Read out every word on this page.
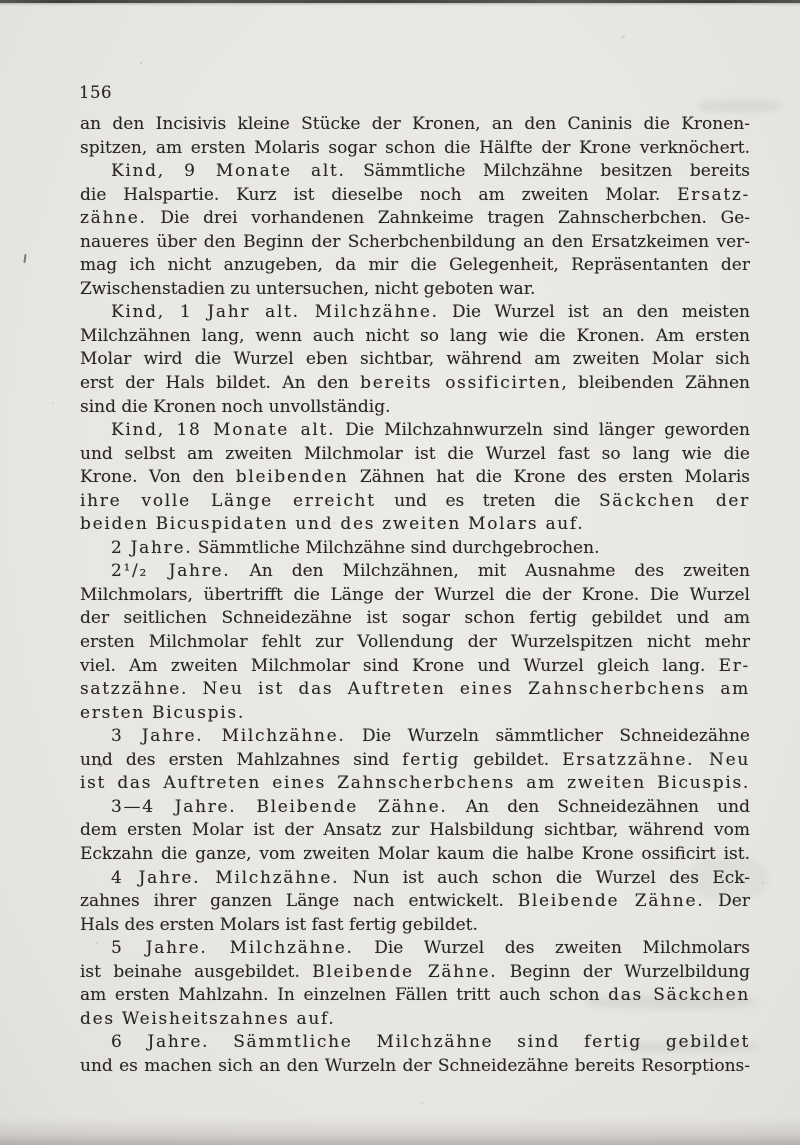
156
an den Incisivis kleine Stücke der Kronen, an den Caninis die Kronen-
spitzen, am ersten Molaris sogar schon die Hälfte der Krone verknöchert.
Kind, 9 Monate alt. Sämmtliche Milchzähne besitzen bereits
die Halspartie. Kurz ist dieselbe noch am zweiten Molar. Ersatz-
zähne. Die drei vorhandenen Zahnkeime tragen Zahnscherbchen. Ge-
naueres über den Beginn der Scherbchenbildung an den Ersatzkeimen ver-
mag ich nicht anzugeben, da mir die Gelegenheit, Repräsentanten der
Zwischenstadien zu untersuchen, nicht geboten war.
Kind, 1 Jahr alt. Milchzähne. Die Wurzel ist an den meisten
Milchzähnen lang, wenn auch nicht so lang wie die Kronen. Am ersten
Molar wird die Wurzel eben sichtbar, während am zweiten Molar sich
erst der Hals bildet. An den bereits ossificirten, bleibenden Zähnen
sind die Kronen noch unvollständig.
Kind, 18 Monate alt. Die Milchzahnwurzeln sind länger geworden
und selbst am zweiten Milchmolar ist die Wurzel fast so lang wie die
Krone. Von den bleibenden Zähnen hat die Krone des ersten Molaris
ihre volle Länge erreicht und es treten die Säckchen der
beiden Bicuspidaten und des zweiten Molars auf.
2 Jahre. Sämmtliche Milchzähne sind durchgebrochen.
2¹/₂ Jahre. An den Milchzähnen, mit Ausnahme des zweiten
Milchmolars, übertrifft die Länge der Wurzel die der Krone. Die Wurzel
der seitlichen Schneidezähne ist sogar schon fertig gebildet und am
ersten Milchmolar fehlt zur Vollendung der Wurzelspitzen nicht mehr
viel. Am zweiten Milchmolar sind Krone und Wurzel gleich lang. Er-
satzzähne. Neu ist das Auftreten eines Zahnscherbchens am
ersten Bicuspis.
3 Jahre. Milchzähne. Die Wurzeln sämmtlicher Schneidezähne
und des ersten Mahlzahnes sind fertig gebildet. Ersatzzähne. Neu
ist das Auftreten eines Zahnscherbchens am zweiten Bicuspis.
3—4 Jahre. Bleibende Zähne. An den Schneidezähnen und
dem ersten Molar ist der Ansatz zur Halsbildung sichtbar, während vom
Eckzahn die ganze, vom zweiten Molar kaum die halbe Krone ossificirt ist.
4 Jahre. Milchzähne. Nun ist auch schon die Wurzel des Eck-
zahnes ihrer ganzen Länge nach entwickelt. Bleibende Zähne. Der
Hals des ersten Molars ist fast fertig gebildet.
5 Jahre. Milchzähne. Die Wurzel des zweiten Milchmolars
ist beinahe ausgebildet. Bleibende Zähne. Beginn der Wurzelbildung
am ersten Mahlzahn. In einzelnen Fällen tritt auch schon das Säckchen
des Weisheitszahnes auf.
6 Jahre. Sämmtliche Milchzähne sind fertig gebildet
und es machen sich an den Wurzeln der Schneidezähne bereits Resorptions-
